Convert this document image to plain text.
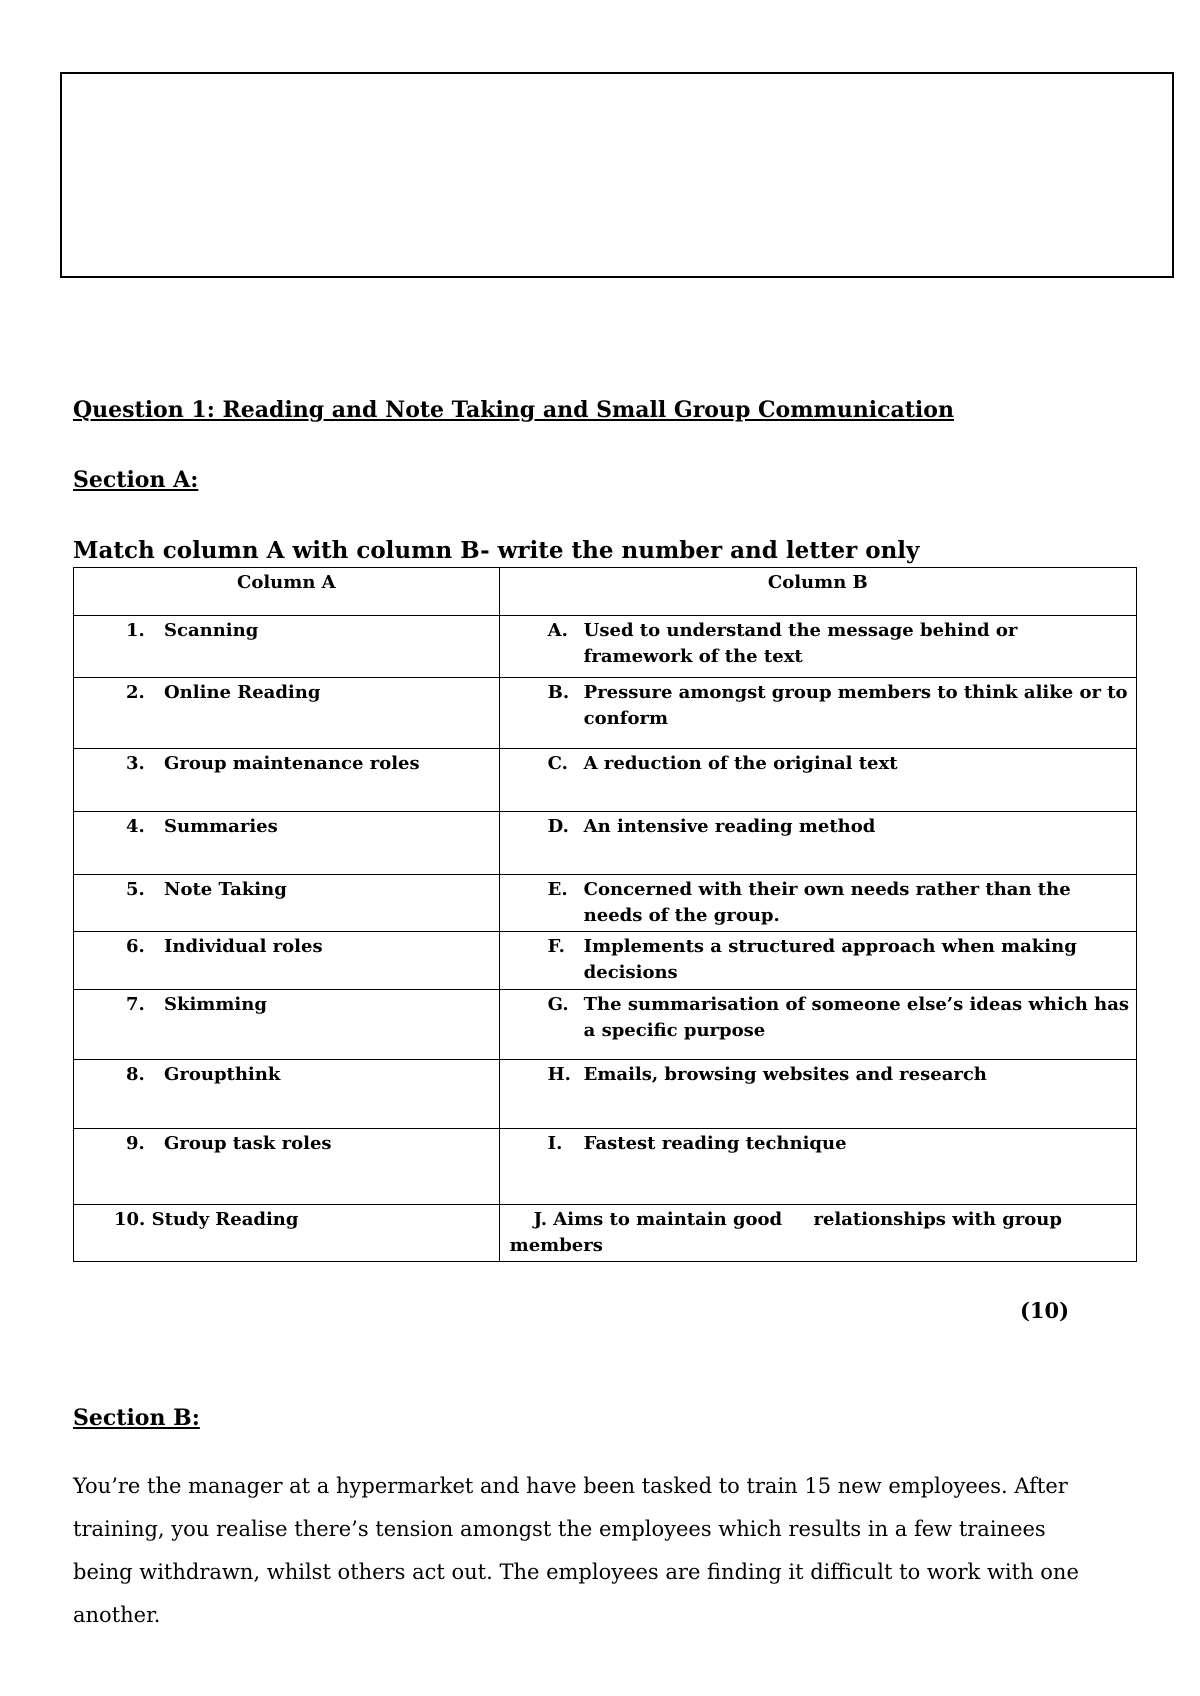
Question 1: Reading and Note Taking and Small Group Communication
Section A:
Match column A with column B- write the number and letter only
Column A	Column B

1. Scanning	A. Used to understand the message behind or framework of the text

2. Online Reading	B. Pressure amongst group members to think alike or to conform

3. Group maintenance roles	C. A reduction of the original text

4. Summaries	D. An intensive reading method

5. Note Taking	E. Concerned with their own needs rather than the needs of the group.

6. Individual roles	F. Implements a structured approach when making decisions

7. Skimming	G. The summarisation of someone else’s ideas which has a specific purpose

8. Groupthink	H. Emails, browsing websites and research

9. Group task roles	I. Fastest reading technique

10. Study Reading	J. Aims to maintain good relationships with group members
(10)
Section B:

You’re the manager at a hypermarket and have been tasked to train 15 new employees. After training, you realise there’s tension amongst the employees which results in a few trainees being withdrawn, whilst others act out. The employees are finding it difficult to work with one another.
